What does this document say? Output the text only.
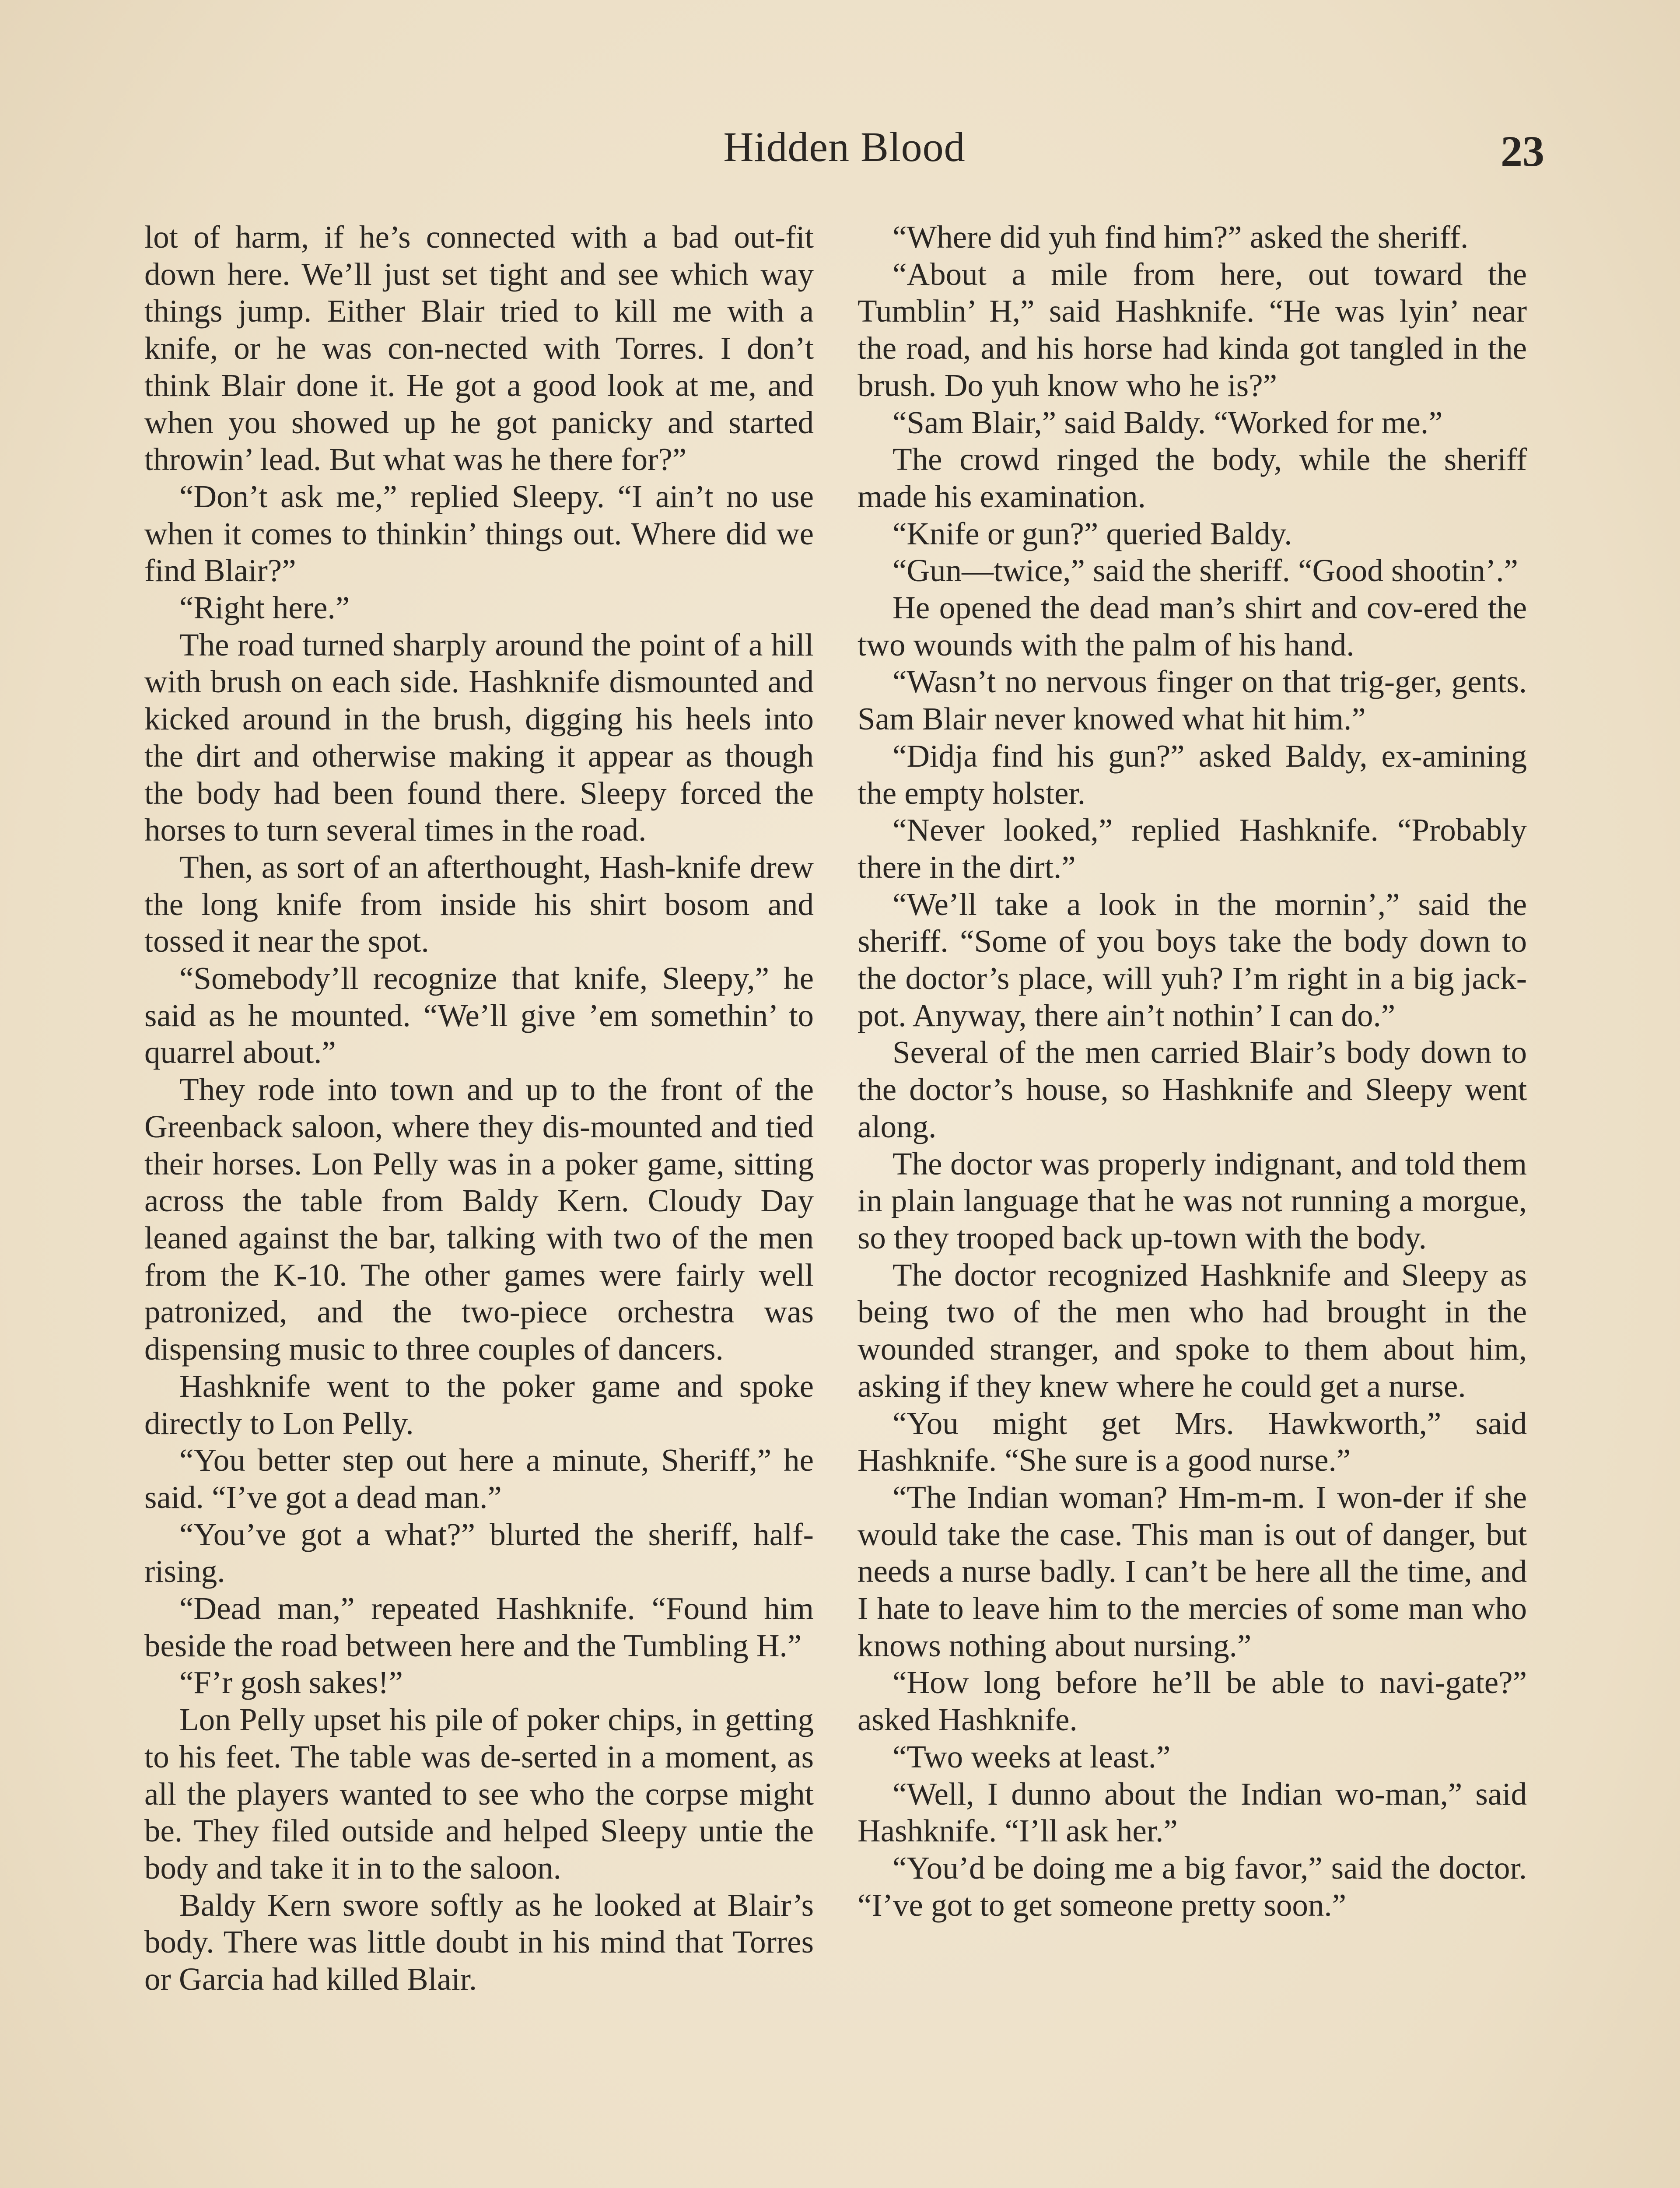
Hidden Blood	23

lot of harm, if he’s connected with a bad out-fit down here. We’ll just set tight and see which way things jump. Either Blair tried to kill me with a knife, or he was con-nected with Torres. I don’t think Blair done it. He got a good look at me, and when you showed up he got panicky and started throwin’ lead. But what was he there for?”

“Don’t ask me,” replied Sleepy. “I ain’t no use when it comes to thinkin’ things out. Where did we find Blair?”

“Right here.”

The road turned sharply around the point of a hill with brush on each side. Hashknife dismounted and kicked around in the brush, digging his heels into the dirt and otherwise making it appear as though the body had been found there. Sleepy forced the horses to turn several times in the road.

Then, as sort of an afterthought, Hash-knife drew the long knife from inside his shirt bosom and tossed it near the spot.

“Somebody’ll recognize that knife, Sleepy,” he said as he mounted. “We’ll give ’em somethin’ to quarrel about.”

They rode into town and up to the front of the Greenback saloon, where they dis-mounted and tied their horses. Lon Pelly was in a poker game, sitting across the table from Baldy Kern. Cloudy Day leaned against the bar, talking with two of the men from the K-10. The other games were fairly well patronized, and the two-piece orchestra was dispensing music to three couples of dancers.

Hashknife went to the poker game and spoke directly to Lon Pelly.

“You better step out here a minute, Sheriff,” he said. “I’ve got a dead man.”

“You’ve got a what?” blurted the sheriff, half-rising.

“Dead man,” repeated Hashknife. “Found him beside the road between here and the Tumbling H.”

“F’r gosh sakes!”

Lon Pelly upset his pile of poker chips, in getting to his feet. The table was de-serted in a moment, as all the players wanted to see who the corpse might be. They filed outside and helped Sleepy untie the body and take it in to the saloon.

Baldy Kern swore softly as he looked at Blair’s body. There was little doubt in his mind that Torres or Garcia had killed Blair.

“Where did yuh find him?” asked the sheriff.

“About a mile from here, out toward the Tumblin’ H,” said Hashknife. “He was lyin’ near the road, and his horse had kinda got tangled in the brush. Do yuh know who he is?”

“Sam Blair,” said Baldy. “Worked for me.”

The crowd ringed the body, while the sheriff made his examination.

“Knife or gun?” queried Baldy.

“Gun—twice,” said the sheriff. “Good shootin’.”

He opened the dead man’s shirt and cov-ered the two wounds with the palm of his hand.

“Wasn’t no nervous finger on that trig-ger, gents. Sam Blair never knowed what hit him.”

“Didja find his gun?” asked Baldy, ex-amining the empty holster.

“Never looked,” replied Hashknife. “Probably there in the dirt.”

“We’ll take a look in the mornin’,” said the sheriff. “Some of you boys take the body down to the doctor’s place, will yuh? I’m right in a big jack-pot. Anyway, there ain’t nothin’ I can do.”

Several of the men carried Blair’s body down to the doctor’s house, so Hashknife and Sleepy went along.

The doctor was properly indignant, and told them in plain language that he was not running a morgue, so they trooped back up-town with the body.

The doctor recognized Hashknife and Sleepy as being two of the men who had brought in the wounded stranger, and spoke to them about him, asking if they knew where he could get a nurse.

“You might get Mrs. Hawkworth,” said Hashknife. “She sure is a good nurse.”

“The Indian woman? Hm-m-m. I won-der if she would take the case. This man is out of danger, but needs a nurse badly. I can’t be here all the time, and I hate to leave him to the mercies of some man who knows nothing about nursing.”

“How long before he’ll be able to navi-gate?” asked Hashknife.

“Two weeks at least.”

“Well, I dunno about the Indian wo-man,” said Hashknife. “I’ll ask her.”

“You’d be doing me a big favor,” said the doctor. “I’ve got to get someone pretty soon.”
